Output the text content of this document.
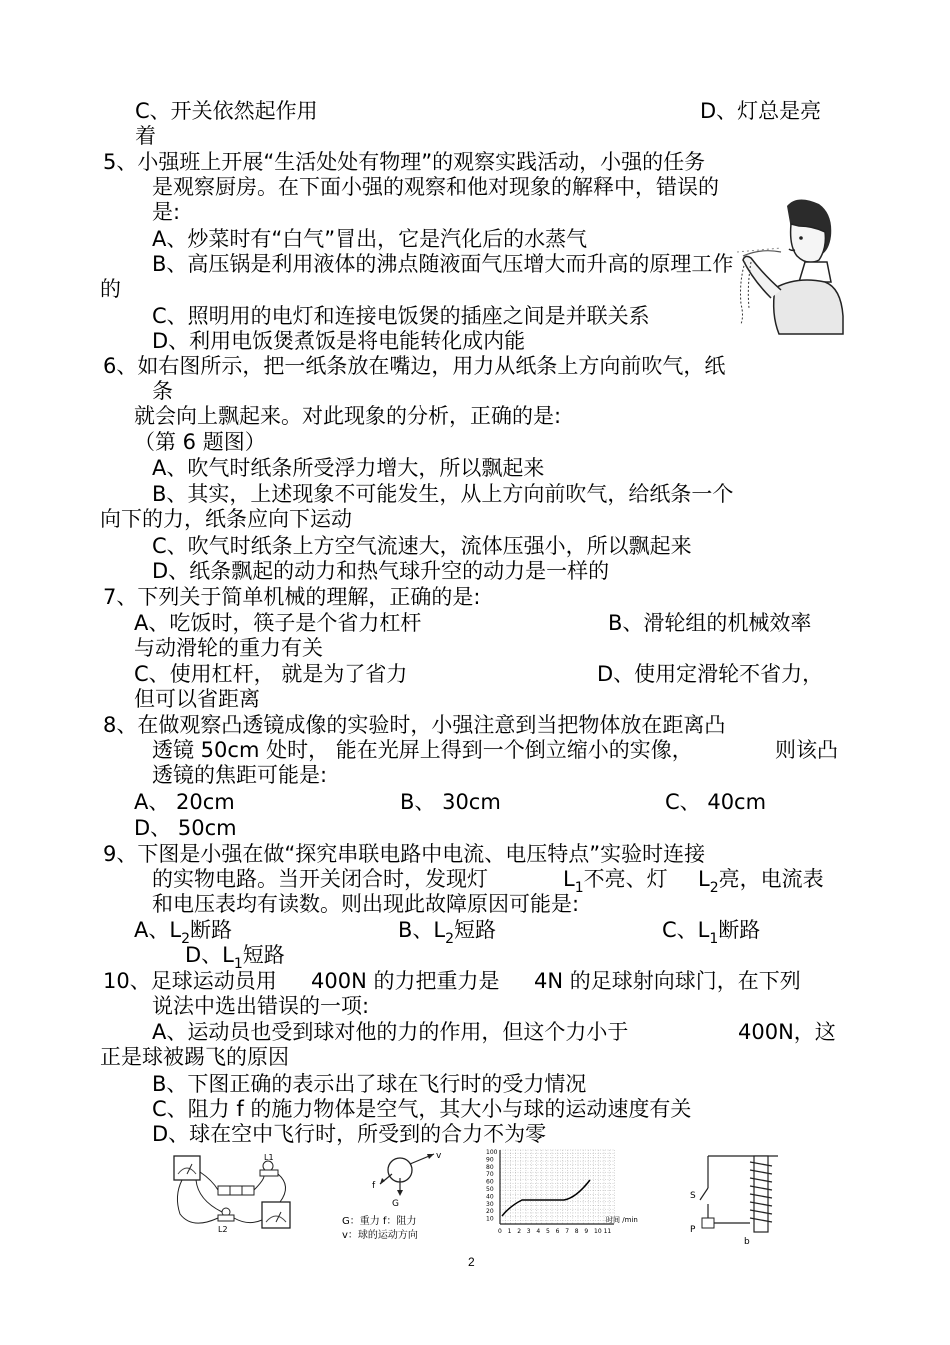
C、开关依然起作用	D、灯总是亮
着
5、小强班上开展“生活处处有物理”的观察实践活动，小强的任务
是观察厨房。在下面小强的观察和他对现象的解释中，错误的
是:
A、炒菜时有“白气”冒出，它是汽化后的水蒸气
B、高压锅是利用液体的沸点随液面气压增大而升高的原理工作
的
C、照明用的电灯和连接电饭煲的插座之间是并联关系
D、利用电饭煲煮饭是将电能转化成内能
6、如右图所示，把一纸条放在嘴边，用力从纸条上方向前吹气，纸
条
就会向上飘起来。对此现象的分析，正确的是:
（第 6 题图）
A、吹气时纸条所受浮力增大，所以飘起来
B、其实，上述现象不可能发生，从上方向前吹气，给纸条一个
向下的力，纸条应向下运动
C、吹气时纸条上方空气流速大，流体压强小，所以飘起来
D、纸条飘起的动力和热气球升空的动力是一样的
7、下列关于简单机械的理解，正确的是:
A、吃饭时，筷子是个省力杠杆	B、滑轮组的机械效率
与动滑轮的重力有关
C、使用杠杆， 就是为了省力	D、使用定滑轮不省力，
但可以省距离
8、在做观察凸透镜成像的实验时，小强注意到当把物体放在距离凸
透镜 50cm 处时， 能在光屏上得到一个倒立缩小的实像，	则该凸
透镜的焦距可能是:
A、 20cm	B、 30cm	C、 40cm
D、 50cm
9、下图是小强在做“探究串联电路中电流、电压特点”实验时连接
的实物电路。当开关闭合时，发现灯	$L_1$不亮、灯 $L_2$亮，电流表
和电压表均有读数。则出现此故障原因可能是:
A、$L_2$断路	B、$L_2$短路	C、$L_1$断路
D、$L_1$短路
10、足球运动员用 400N 的力把重力是 4N 的足球射向球门，在下列
说法中选出错误的一项:
A、运动员也受到球对他的力的作用，但这个力小于	400N，这
正是球被踢飞的原因
B、下图正确的表示出了球在飞行时的受力情况
C、阻力 f 的施力物体是空气，其大小与球的运动速度有关
D、球在空中飞行时，所受到的合力不为零
L1
L2
v
f
G
G：重力 f：阻力
v：球的运动方向
100
90
80
70
60
50
40
30
20
10
0 1 2 3 4 5 6 7 8 9 10 11
时间 /min
S
P
b
2
